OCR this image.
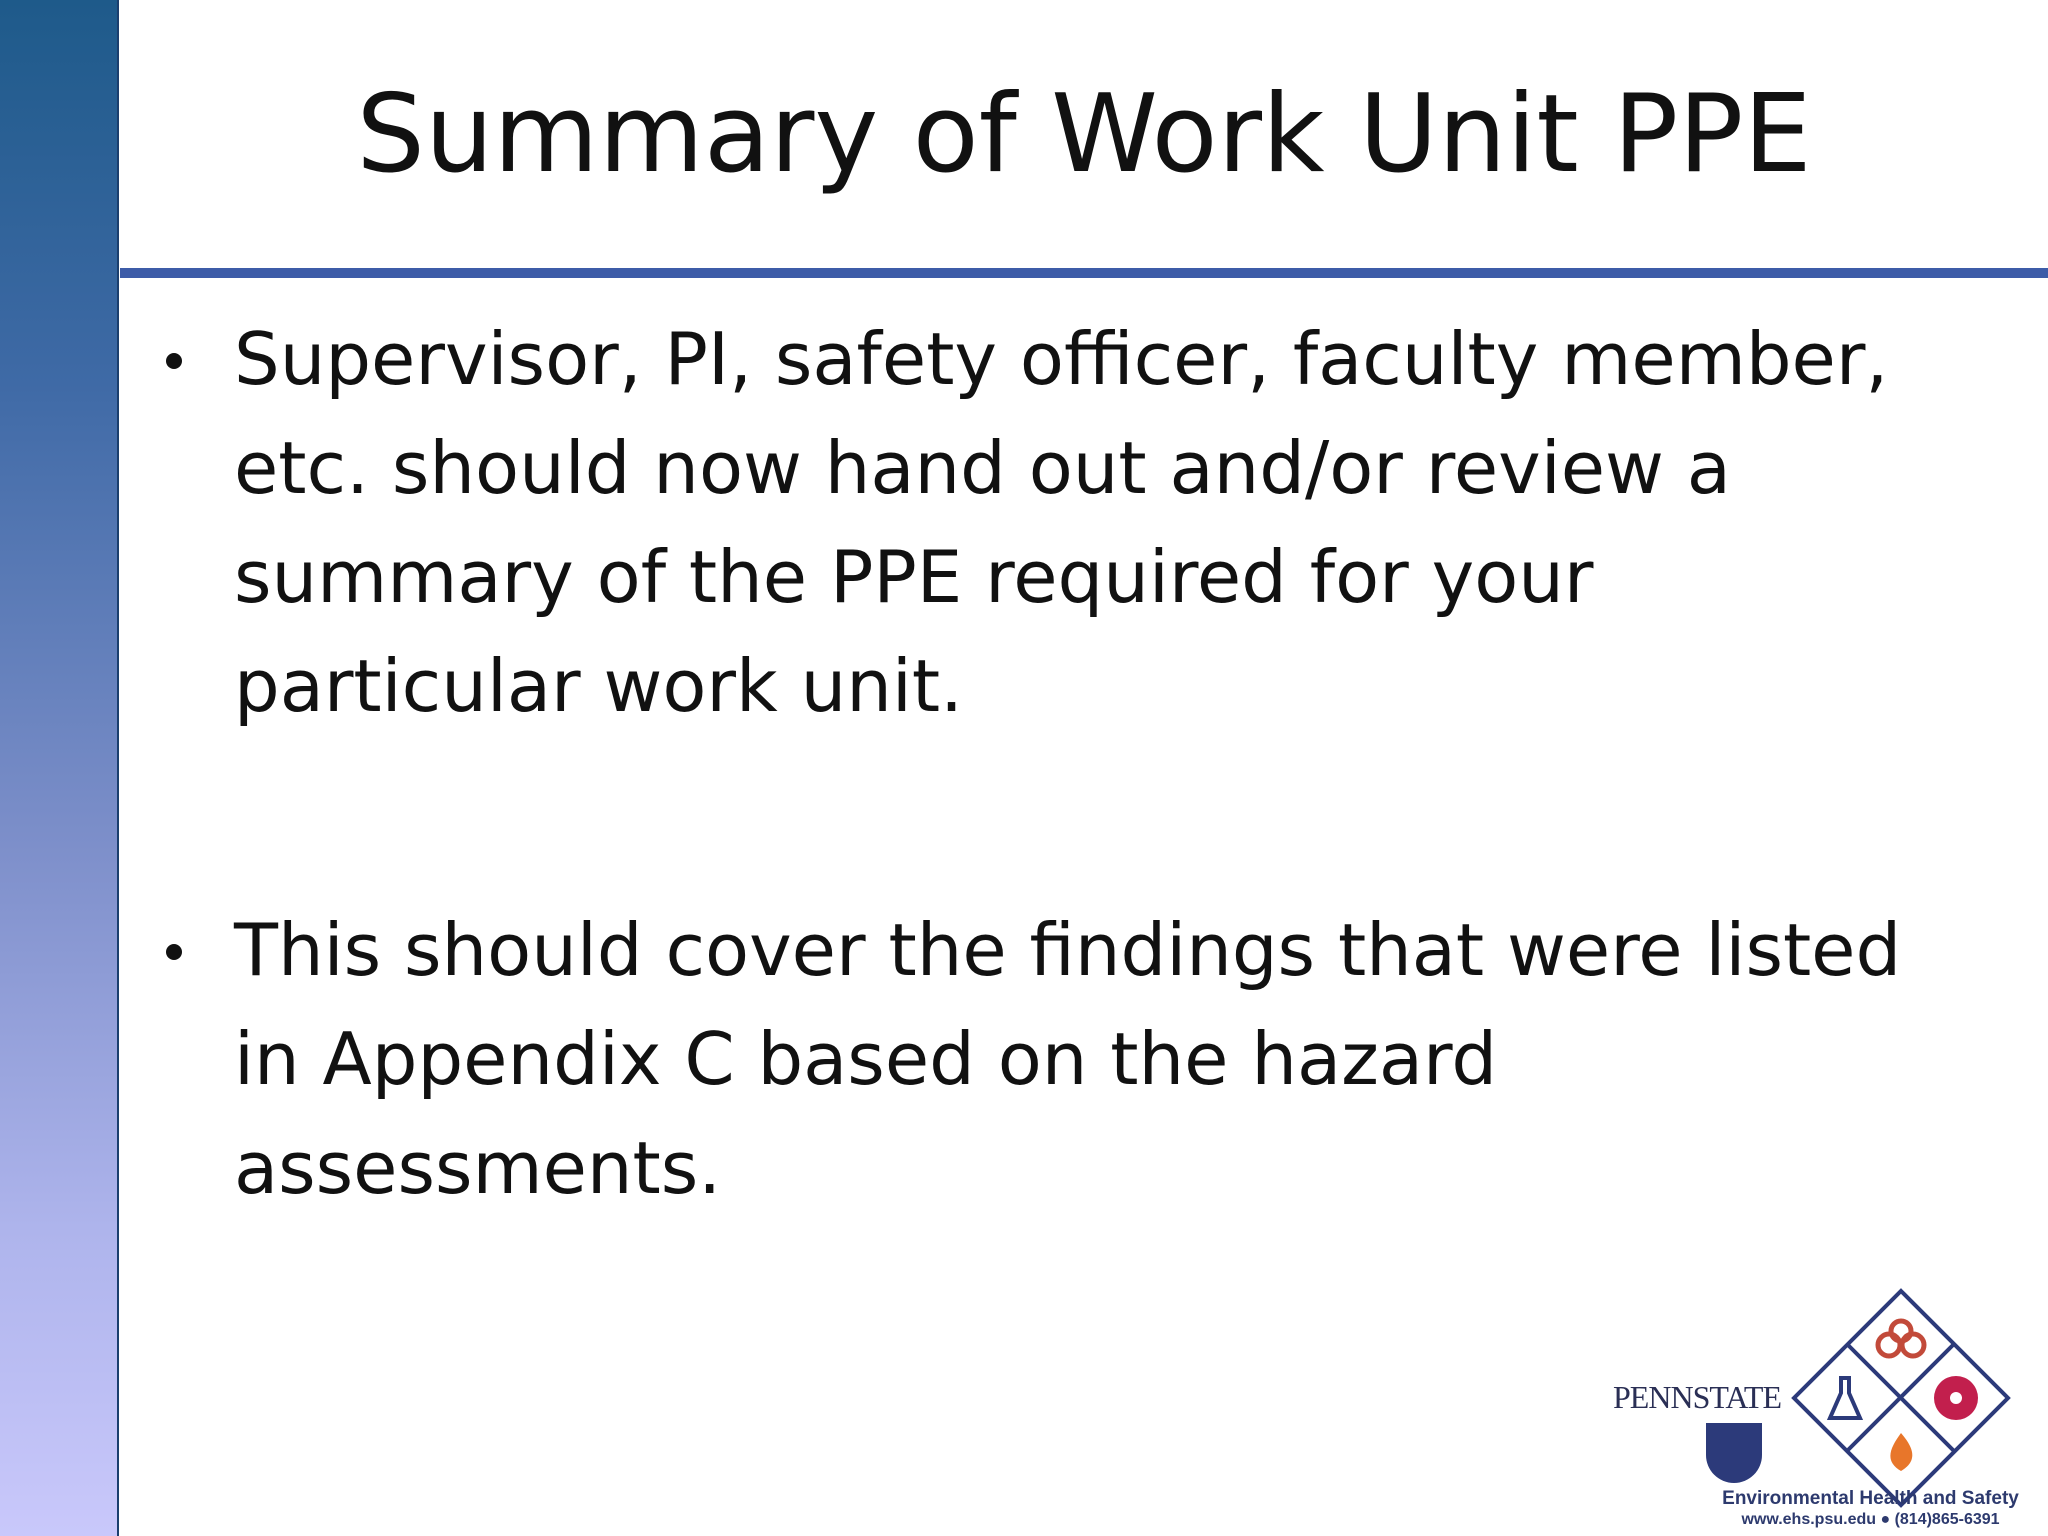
Summary of Work Unit PPE
Supervisor, PI, safety officer, faculty member,
etc. should now hand out and/or review a
summary of the PPE required for your
particular work unit.
This should cover the findings that were listed
in Appendix C based on the hazard
assessments.
PENNSTATE
Environmental Health and Safety
www.ehs.psu.edu ● (814)865-6391
